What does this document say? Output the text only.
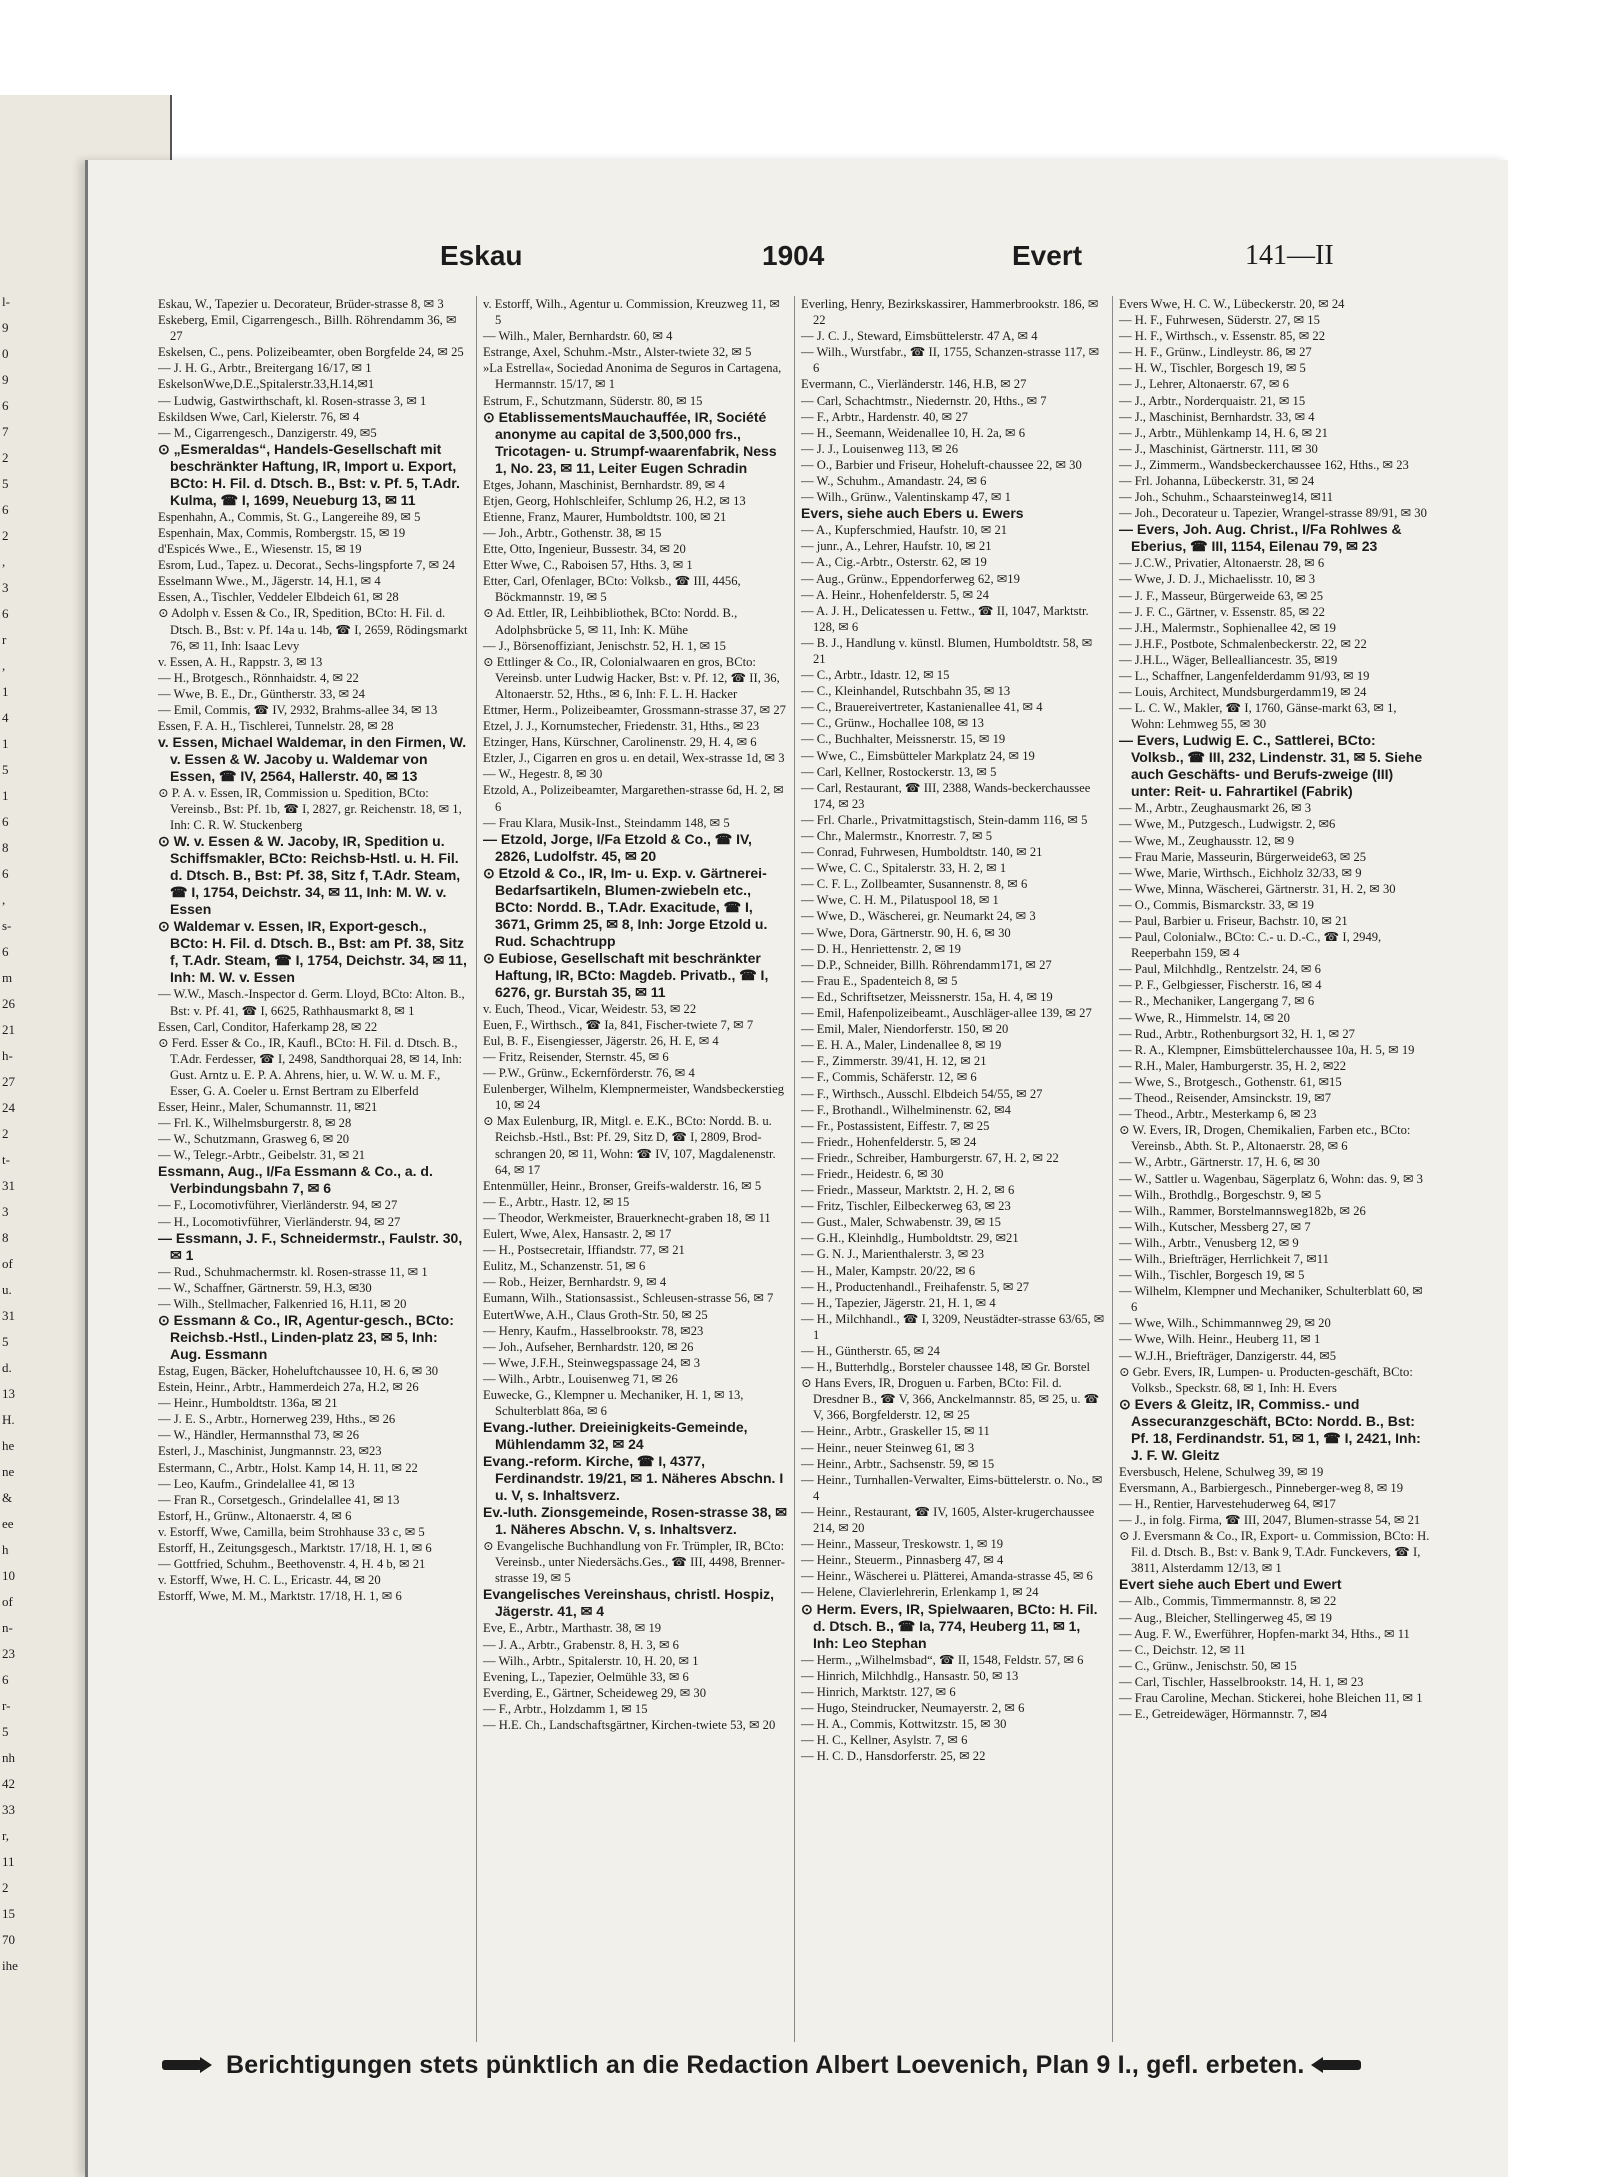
l-
9
0
9
6
7
2
5
6
2
,
3
6
r
,
1
4
1
5
1
6
8
6
,
s-
6
m
26
21
h-
27
24
2
t-
31
3
8
of
u.
31
5
d.
13
H.
he
ne
&
ee
h
10
of
n-
23
6
r-
5
nh
42
33
r,
11
2
15
70
ihe
Eskau	1904	Evert	141—II
Eskau, W., Tapezier u. Decorateur, Brüder-strasse 8, ✉ 3
Eskeberg, Emil, Cigarrengesch., Billh. Röhrendamm 36, ✉ 27
Eskelsen, C., pens. Polizeibeamter, oben Borgfelde 24, ✉ 25
— J. H. G., Arbtr., Breitergang 16/17, ✉ 1
EskelsonWwe,D.E.,Spitalerstr.33,H.14,✉1
— Ludwig, Gastwirthschaft, kl. Rosen-strasse 3, ✉ 1
Eskildsen Wwe, Carl, Kielerstr. 76, ✉ 4
— M., Cigarrengesch., Danzigerstr. 49, ✉5
⊙ „Esmeraldas“, Handels-Gesellschaft mit beschränkter Haftung, IR, Import u. Export, BCto: H. Fil. d. Dtsch. B., Bst: v. Pf. 5, T.Adr. Kulma, ☎ I, 1699, Neueburg 13, ✉ 11
Espenhahn, A., Commis, St. G., Langereihe 89, ✉ 5
Espenhain, Max, Commis, Rombergstr. 15, ✉ 19
d'Espicés Wwe., E., Wiesenstr. 15, ✉ 19
Esrom, Lud., Tapez. u. Decorat., Sechs-lingspforte 7, ✉ 24
Esselmann Wwe., M., Jägerstr. 14, H.1, ✉ 4
Essen, A., Tischler, Veddeler Elbdeich 61, ✉ 28
⊙ Adolph v. Essen & Co., IR, Spedition, BCto: H. Fil. d. Dtsch. B., Bst: v. Pf. 14a u. 14b, ☎ I, 2659, Rödingsmarkt 76, ✉ 11, Inh: Isaac Levy
v. Essen, A. H., Rappstr. 3, ✉ 13
— H., Brotgesch., Rönnhaidstr. 4, ✉ 22
— Wwe, B. E., Dr., Güntherstr. 33, ✉ 24
— Emil, Commis, ☎ IV, 2932, Brahms-allee 34, ✉ 13
Essen, F. A. H., Tischlerei, Tunnelstr. 28, ✉ 28
v. Essen, Michael Waldemar, in den Firmen, W. v. Essen & W. Jacoby u. Waldemar von Essen, ☎ IV, 2564, Hallerstr. 40, ✉ 13
⊙ P. A. v. Essen, IR, Commission u. Spedition, BCto: Vereinsb., Bst: Pf. 1b, ☎ I, 2827, gr. Reichenstr. 18, ✉ 1, Inh: C. R. W. Stuckenberg
⊙ W. v. Essen & W. Jacoby, IR, Spedition u. Schiffsmakler, BCto: Reichsb-Hstl. u. H. Fil. d. Dtsch. B., Bst: Pf. 38, Sitz f, T.Adr. Steam, ☎ I, 1754, Deichstr. 34, ✉ 11, Inh: M. W. v. Essen
⊙ Waldemar v. Essen, IR, Export-gesch., BCto: H. Fil. d. Dtsch. B., Bst: am Pf. 38, Sitz f, T.Adr. Steam, ☎ I, 1754, Deichstr. 34, ✉ 11, Inh: M. W. v. Essen
— W.W., Masch.-Inspector d. Germ. Lloyd, BCto: Alton. B., Bst: v. Pf. 41, ☎ I, 6625, Rathhausmarkt 8, ✉ 1
Essen, Carl, Conditor, Haferkamp 28, ✉ 22
⊙ Ferd. Esser & Co., IR, Kaufl., BCto: H. Fil. d. Dtsch. B., T.Adr. Ferdesser, ☎ I, 2498, Sandthorquai 28, ✉ 14, Inh: Gust. Arntz u. E. P. A. Ahrens, hier, u. W. W. u. M. F., Esser, G. A. Coeler u. Ernst Bertram zu Elberfeld
Esser, Heinr., Maler, Schumannstr. 11, ✉21
— Frl. K., Wilhelmsburgerstr. 8, ✉ 28
— W., Schutzmann, Grasweg 6, ✉ 20
— W., Telegr.-Arbtr., Geibelstr. 31, ✉ 21
Essmann, Aug., I/Fa Essmann & Co., a. d. Verbindungsbahn 7, ✉ 6
— F., Locomotivführer, Vierländerstr. 94, ✉ 27
— H., Locomotivführer, Vierländerstr. 94, ✉ 27
— Essmann, J. F., Schneidermstr., Faulstr. 30, ✉ 1
— Rud., Schuhmachermstr. kl. Rosen-strasse 11, ✉ 1
— W., Schaffner, Gärtnerstr. 59, H.3, ✉30
— Wilh., Stellmacher, Falkenried 16, H.11, ✉ 20
⊙ Essmann & Co., IR, Agentur-gesch., BCto: Reichsb.-Hstl., Linden-platz 23, ✉ 5, Inh: Aug. Essmann
Estag, Eugen, Bäcker, Hoheluftchaussee 10, H. 6, ✉ 30
Estein, Heinr., Arbtr., Hammerdeich 27a, H.2, ✉ 26
— Heinr., Humboldtstr. 136a, ✉ 21
— J. E. S., Arbtr., Hornerweg 239, Hths., ✉ 26
— W., Händler, Hermannsthal 73, ✉ 26
Esterl, J., Maschinist, Jungmannstr. 23, ✉23
Estermann, C., Arbtr., Holst. Kamp 14, H. 11, ✉ 22
— Leo, Kaufm., Grindelallee 41, ✉ 13
— Fran R., Corsetgesch., Grindelallee 41, ✉ 13
Estorf, H., Grünw., Altonaerstr. 4, ✉ 6
v. Estorff, Wwe, Camilla, beim Strohhause 33 c, ✉ 5
Estorff, H., Zeitungsgesch., Marktstr. 17/18, H. 1, ✉ 6
— Gottfried, Schuhm., Beethovenstr. 4, H. 4 b, ✉ 21
v. Estorff, Wwe, H. C. L., Ericastr. 44, ✉ 20
Estorff, Wwe, M. M., Marktstr. 17/18, H. 1, ✉ 6
v. Estorff, Wilh., Agentur u. Commission, Kreuzweg 11, ✉ 5
— Wilh., Maler, Bernhardstr. 60, ✉ 4
Estrange, Axel, Schuhm.-Mstr., Alster-twiete 32, ✉ 5
»La Estrella«, Sociedad Anonima de Seguros in Cartagena, Hermannstr. 15/17, ✉ 1
Estrum, F., Schutzmann, Süderstr. 80, ✉ 15
⊙ EtablissementsMauchauffée, IR, Société anonyme au capital de 3,500,000 frs., Tricotagen- u. Strumpf-waarenfabrik, Ness 1, No. 23, ✉ 11, Leiter Eugen Schradin
Etges, Johann, Maschinist, Bernhardstr. 89, ✉ 4
Etjen, Georg, Hohlschleifer, Schlump 26, H.2, ✉ 13
Etienne, Franz, Maurer, Humboldtstr. 100, ✉ 21
— Joh., Arbtr., Gothenstr. 38, ✉ 15
Ette, Otto, Ingenieur, Bussestr. 34, ✉ 20
Etter Wwe, C., Raboisen 57, Hths. 3, ✉ 1
Etter, Carl, Ofenlager, BCto: Volksb., ☎ III, 4456, Böckmannstr. 19, ✉ 5
⊙ Ad. Ettler, IR, Leihbibliothek, BCto: Nordd. B., Adolphsbrücke 5, ✉ 11, Inh: K. Mühe
— J., Börsenoffiziant, Jenischstr. 52, H. 1, ✉ 15
⊙ Ettlinger & Co., IR, Colonialwaaren en gros, BCto: Vereinsb. unter Ludwig Hacker, Bst: v. Pf. 12, ☎ II, 36, Altonaerstr. 52, Hths., ✉ 6, Inh: F. L. H. Hacker
Ettmer, Herm., Polizeibeamter, Grossmann-strasse 37, ✉ 27
Etzel, J. J., Kornumstecher, Friedenstr. 31, Hths., ✉ 23
Etzinger, Hans, Kürschner, Carolinenstr. 29, H. 4, ✉ 6
Etzler, J., Cigarren en gros u. en detail, Wex-strasse 1d, ✉ 3
— W., Hegestr. 8, ✉ 30
Etzold, A., Polizeibeamter, Margarethen-strasse 6d, H. 2, ✉ 6
— Frau Klara, Musik-Inst., Steindamm 148, ✉ 5
— Etzold, Jorge, I/Fa Etzold & Co., ☎ IV, 2826, Ludolfstr. 45, ✉ 20
⊙ Etzold & Co., IR, Im- u. Exp. v. Gärtnerei-Bedarfsartikeln, Blumen-zwiebeln etc., BCto: Nordd. B., T.Adr. Exacitude, ☎ I, 3671, Grimm 25, ✉ 8, Inh: Jorge Etzold u. Rud. Schachtrupp
⊙ Eubiose, Gesellschaft mit beschränkter Haftung, IR, BCto: Magdeb. Privatb., ☎ I, 6276, gr. Burstah 35, ✉ 11
v. Euch, Theod., Vicar, Weidestr. 53, ✉ 22
Euen, F., Wirthsch., ☎ Ia, 841, Fischer-twiete 7, ✉ 7
Eul, B. F., Eisengiesser, Jägerstr. 26, H. E, ✉ 4
— Fritz, Reisender, Sternstr. 45, ✉ 6
— P.W., Grünw., Eckernförderstr. 76, ✉ 4
Eulenberger, Wilhelm, Klempnermeister, Wandsbeckerstieg 10, ✉ 24
⊙ Max Eulenburg, IR, Mitgl. e. E.K., BCto: Nordd. B. u. Reichsb.-Hstl., Bst: Pf. 29, Sitz D, ☎ I, 2809, Brod-schrangen 20, ✉ 11, Wohn: ☎ IV, 107, Magdalenenstr. 64, ✉ 17
Entenmüller, Heinr., Bronser, Greifs-walderstr. 16, ✉ 5
— E., Arbtr., Hastr. 12, ✉ 15
— Theodor, Werkmeister, Brauerknecht-graben 18, ✉ 11
Eulert, Wwe, Alex, Hansastr. 2, ✉ 17
— H., Postsecretair, Iffiandstr. 77, ✉ 21
Eulitz, M., Schanzenstr. 51, ✉ 6
— Rob., Heizer, Bernhardstr. 9, ✉ 4
Eumann, Wilh., Stationsassist., Schleusen-strasse 56, ✉ 7
EutertWwe, A.H., Claus Groth-Str. 50, ✉ 25
— Henry, Kaufm., Hasselbrookstr. 78, ✉23
— Joh., Aufseher, Bernhardstr. 120, ✉ 26
— Wwe, J.F.H., Steinwegspassage 24, ✉ 3
— Wilh., Arbtr., Louisenweg 71, ✉ 26
Euwecke, G., Klempner u. Mechaniker, H. 1, ✉ 13, Schulterblatt 86a, ✉ 6
Evang.-luther. Dreieinigkeits-Gemeinde, Mühlendamm 32, ✉ 24
Evang.-reform. Kirche, ☎ I, 4377, Ferdinandstr. 19/21, ✉ 1. Näheres Abschn. I u. V, s. Inhaltsverz.
Ev.-luth. Zionsgemeinde, Rosen-strasse 38, ✉ 1. Näheres Abschn. V, s. Inhaltsverz.
⊙ Evangelische Buchhandlung von Fr. Trümpler, IR, BCto: Vereinsb., unter Niedersächs.Ges., ☎ III, 4498, Brenner-strasse 19, ✉ 5
Evangelisches Vereinshaus, christl. Hospiz, Jägerstr. 41, ✉ 4
Eve, E., Arbtr., Marthastr. 38, ✉ 19
— J. A., Arbtr., Grabenstr. 8, H. 3, ✉ 6
— Wilh., Arbtr., Spitalerstr. 10, H. 20, ✉ 1
Evening, L., Tapezier, Oelmühle 33, ✉ 6
Everding, E., Gärtner, Scheideweg 29, ✉ 30
— F., Arbtr., Holzdamm 1, ✉ 15
— H.E. Ch., Landschaftsgärtner, Kirchen-twiete 53, ✉ 20
Everling, Henry, Bezirkskassirer, Hammerbrookstr. 186, ✉ 22
— J. C. J., Steward, Eimsbüttelerstr. 47 A, ✉ 4
— Wilh., Wurstfabr., ☎ II, 1755, Schanzen-strasse 117, ✉ 6
Evermann, C., Vierländerstr. 146, H.B, ✉ 27
— Carl, Schachtmstr., Niedernstr. 20, Hths., ✉ 7
— F., Arbtr., Hardenstr. 40, ✉ 27
— H., Seemann, Weidenallee 10, H. 2a, ✉ 6
— J. J., Louisenweg 113, ✉ 26
— O., Barbier und Friseur, Hoheluft-chaussee 22, ✉ 30
— W., Schuhm., Amandastr. 24, ✉ 6
— Wilh., Grünw., Valentinskamp 47, ✉ 1
Evers, siehe auch Ebers u. Ewers
— A., Kupferschmied, Haufstr. 10, ✉ 21
— junr., A., Lehrer, Haufstr. 10, ✉ 21
— A., Cig.-Arbtr., Osterstr. 62, ✉ 19
— Aug., Grünw., Eppendorferweg 62, ✉19
— A. Heinr., Hohenfelderstr. 5, ✉ 24
— A. J. H., Delicatessen u. Fettw., ☎ II, 1047, Marktstr. 128, ✉ 6
— B. J., Handlung v. künstl. Blumen, Humboldtstr. 58, ✉ 21
— C., Arbtr., Idastr. 12, ✉ 15
— C., Kleinhandel, Rutschbahn 35, ✉ 13
— C., Brauereivertreter, Kastanienallee 41, ✉ 4
— C., Grünw., Hochallee 108, ✉ 13
— C., Buchhalter, Meissnerstr. 15, ✉ 19
— Wwe, C., Eimsbütteler Markplatz 24, ✉ 19
— Carl, Kellner, Rostockerstr. 13, ✉ 5
— Carl, Restaurant, ☎ III, 2388, Wands-beckerchaussee 174, ✉ 23
— Frl. Charle., Privatmittagstisch, Stein-damm 116, ✉ 5
— Chr., Malermstr., Knorrestr. 7, ✉ 5
— Conrad, Fuhrwesen, Humboldtstr. 140, ✉ 21
— Wwe, C. C., Spitalerstr. 33, H. 2, ✉ 1
— C. F. L., Zollbeamter, Susannenstr. 8, ✉ 6
— Wwe, C. H. M., Pilatuspool 18, ✉ 1
— Wwe, D., Wäscherei, gr. Neumarkt 24, ✉ 3
— Wwe, Dora, Gärtnerstr. 90, H. 6, ✉ 30
— D. H., Henriettenstr. 2, ✉ 19
— D.P., Schneider, Billh. Röhrendamm171, ✉ 27
— Frau E., Spadenteich 8, ✉ 5
— Ed., Schriftsetzer, Meissnerstr. 15a, H. 4, ✉ 19
— Emil, Hafenpolizeibeamt., Auschläger-allee 139, ✉ 27
— Emil, Maler, Niendorferstr. 150, ✉ 20
— E. H. A., Maler, Lindenallee 8, ✉ 19
— F., Zimmerstr. 39/41, H. 12, ✉ 21
— F., Commis, Schäferstr. 12, ✉ 6
— F., Wirthsch., Ausschl. Elbdeich 54/55, ✉ 27
— F., Brothandl., Wilhelminenstr. 62, ✉4
— Fr., Postassistent, Eiffestr. 7, ✉ 25
— Friedr., Hohenfelderstr. 5, ✉ 24
— Friedr., Schreiber, Hamburgerstr. 67, H. 2, ✉ 22
— Friedr., Heidestr. 6, ✉ 30
— Friedr., Masseur, Marktstr. 2, H. 2, ✉ 6
— Fritz, Tischler, Eilbeckerweg 63, ✉ 23
— Gust., Maler, Schwabenstr. 39, ✉ 15
— G.H., Kleinhdlg., Humboldtstr. 29, ✉21
— G. N. J., Marienthalerstr. 3, ✉ 23
— H., Maler, Kampstr. 20/22, ✉ 6
— H., Productenhandl., Freihafenstr. 5, ✉ 27
— H., Tapezier, Jägerstr. 21, H. 1, ✉ 4
— H., Milchhandl., ☎ I, 3209, Neustädter-strasse 63/65, ✉ 1
— H., Güntherstr. 65, ✉ 24
— H., Butterhdlg., Borsteler chaussee 148, ✉ Gr. Borstel
⊙ Hans Evers, IR, Droguen u. Farben, BCto: Fil. d. Dresdner B., ☎ V, 366, Anckelmannstr. 85, ✉ 25, u. ☎ V, 366, Borgfelderstr. 12, ✉ 25
— Heinr., Arbtr., Graskeller 15, ✉ 11
— Heinr., neuer Steinweg 61, ✉ 3
— Heinr., Arbtr., Sachsenstr. 59, ✉ 15
— Heinr., Turnhallen-Verwalter, Eims-büttelerstr. o. No., ✉ 4
— Heinr., Restaurant, ☎ IV, 1605, Alster-krugerchaussee 214, ✉ 20
— Heinr., Masseur, Treskowstr. 1, ✉ 19
— Heinr., Steuerm., Pinnasberg 47, ✉ 4
— Heinr., Wäscherei u. Plätterei, Amanda-strasse 45, ✉ 6
— Helene, Clavierlehrerin, Erlenkamp 1, ✉ 24
⊙ Herm. Evers, IR, Spielwaaren, BCto: H. Fil. d. Dtsch. B., ☎ Ia, 774, Heuberg 11, ✉ 1, Inh: Leo Stephan
— Herm., „Wilhelmsbad“, ☎ II, 1548, Feldstr. 57, ✉ 6
— Hinrich, Milchhdlg., Hansastr. 50, ✉ 13
— Hinrich, Marktstr. 127, ✉ 6
— Hugo, Steindrucker, Neumayerstr. 2, ✉ 6
— H. A., Commis, Kottwitzstr. 15, ✉ 30
— H. C., Kellner, Asylstr. 7, ✉ 6
— H. C. D., Hansdorferstr. 25, ✉ 22
Evers Wwe, H. C. W., Lübeckerstr. 20, ✉ 24
— H. F., Fuhrwesen, Süderstr. 27, ✉ 15
— H. F., Wirthsch., v. Essenstr. 85, ✉ 22
— H. F., Grünw., Lindleystr. 86, ✉ 27
— H. W., Tischler, Borgesch 19, ✉ 5
— J., Lehrer, Altonaerstr. 67, ✉ 6
— J., Arbtr., Norderquaistr. 21, ✉ 15
— J., Maschinist, Bernhardstr. 33, ✉ 4
— J., Arbtr., Mühlenkamp 14, H. 6, ✉ 21
— J., Maschinist, Gärtnerstr. 111, ✉ 30
— J., Zimmerm., Wandsbeckerchaussee 162, Hths., ✉ 23
— Frl. Johanna, Lübeckerstr. 31, ✉ 24
— Joh., Schuhm., Schaarsteinweg14, ✉11
— Joh., Decorateur u. Tapezier, Wrangel-strasse 89/91, ✉ 30
— Evers, Joh. Aug. Christ., I/Fa Rohlwes & Eberius, ☎ III, 1154, Eilenau 79, ✉ 23
— J.C.W., Privatier, Altonaerstr. 28, ✉ 6
— Wwe, J. D. J., Michaelisstr. 10, ✉ 3
— J. F., Masseur, Bürgerweide 63, ✉ 25
— J. F. C., Gärtner, v. Essenstr. 85, ✉ 22
— J.H., Malermstr., Sophienallee 42, ✉ 19
— J.H.F., Postbote, Schmalenbeckerstr. 22, ✉ 22
— J.H.L., Wäger, Bellealliancestr. 35, ✉19
— L., Schaffner, Langenfelderdamm 91/93, ✉ 19
— Louis, Architect, Mundsburgerdamm19, ✉ 24
— L. C. W., Makler, ☎ I, 1760, Gänse-markt 63, ✉ 1, Wohn: Lehmweg 55, ✉ 30
— Evers, Ludwig E. C., Sattlerei, BCto: Volksb., ☎ III, 232, Lindenstr. 31, ✉ 5. Siehe auch Geschäfts- und Berufs-zweige (III) unter: Reit- u. Fahrartikel (Fabrik)
— M., Arbtr., Zeughausmarkt 26, ✉ 3
— Wwe, M., Putzgesch., Ludwigstr. 2, ✉6
— Wwe, M., Zeughausstr. 12, ✉ 9
— Frau Marie, Masseurin, Bürgerweide63, ✉ 25
— Wwe, Marie, Wirthsch., Eichholz 32/33, ✉ 9
— Wwe, Minna, Wäscherei, Gärtnerstr. 31, H. 2, ✉ 30
— O., Commis, Bismarckstr. 33, ✉ 19
— Paul, Barbier u. Friseur, Bachstr. 10, ✉ 21
— Paul, Colonialw., BCto: C.- u. D.-C., ☎ I, 2949, Reeperbahn 159, ✉ 4
— Paul, Milchhdlg., Rentzelstr. 24, ✉ 6
— P. F., Gelbgiesser, Fischerstr. 16, ✉ 4
— R., Mechaniker, Langergang 7, ✉ 6
— Wwe, R., Himmelstr. 14, ✉ 20
— Rud., Arbtr., Rothenburgsort 32, H. 1, ✉ 27
— R. A., Klempner, Eimsbüttelerchaussee 10a, H. 5, ✉ 19
— R.H., Maler, Hamburgerstr. 35, H. 2, ✉22
— Wwe, S., Brotgesch., Gothenstr. 61, ✉15
— Theod., Reisender, Amsinckstr. 19, ✉7
— Theod., Arbtr., Mesterkamp 6, ✉ 23
⊙ W. Evers, IR, Drogen, Chemikalien, Farben etc., BCto: Vereinsb., Abth. St. P., Altonaerstr. 28, ✉ 6
— W., Arbtr., Gärtnerstr. 17, H. 6, ✉ 30
— W., Sattler u. Wagenbau, Sägerplatz 6, Wohn: das. 9, ✉ 3
— Wilh., Brothdlg., Borgeschstr. 9, ✉ 5
— Wilh., Rammer, Borstelmannsweg182b, ✉ 26
— Wilh., Kutscher, Messberg 27, ✉ 7
— Wilh., Arbtr., Venusberg 12, ✉ 9
— Wilh., Briefträger, Herrlichkeit 7, ✉11
— Wilh., Tischler, Borgesch 19, ✉ 5
— Wilhelm, Klempner und Mechaniker, Schulterblatt 60, ✉ 6
— Wwe, Wilh., Schimmannweg 29, ✉ 20
— Wwe, Wilh. Heinr., Heuberg 11, ✉ 1
— W.J.H., Briefträger, Danzigerstr. 44, ✉5
⊙ Gebr. Evers, IR, Lumpen- u. Producten-geschäft, BCto: Volksb., Speckstr. 68, ✉ 1, Inh: H. Evers
⊙ Evers & Gleitz, IR, Commiss.- und Assecuranzgeschäft, BCto: Nordd. B., Bst: Pf. 18, Ferdinandstr. 51, ✉ 1, ☎ I, 2421, Inh: J. F. W. Gleitz
Eversbusch, Helene, Schulweg 39, ✉ 19
Eversmann, A., Barbiergesch., Pinneberger-weg 8, ✉ 19
— H., Rentier, Harvestehuderweg 64, ✉17
— J., in folg. Firma, ☎ III, 2047, Blumen-strasse 54, ✉ 21
⊙ J. Eversmann & Co., IR, Export- u. Commission, BCto: H. Fil. d. Dtsch. B., Bst: v. Bank 9, T.Adr. Funckevers, ☎ I, 3811, Alsterdamm 12/13, ✉ 1
Evert siehe auch Ebert und Ewert
— Alb., Commis, Timmermannstr. 8, ✉ 22
— Aug., Bleicher, Stellingerweg 45, ✉ 19
— Aug. F. W., Ewerführer, Hopfen-markt 34, Hths., ✉ 11
— C., Deichstr. 12, ✉ 11
— C., Grünw., Jenischstr. 50, ✉ 15
— Carl, Tischler, Hasselbrookstr. 14, H. 1, ✉ 23
— Frau Caroline, Mechan. Stickerei, hohe Bleichen 11, ✉ 1
— E., Getreidewäger, Hörmannstr. 7, ✉4
Berichtigungen stets pünktlich an die Redaction Albert Loevenich, Plan 9 I., gefl. erbeten.
